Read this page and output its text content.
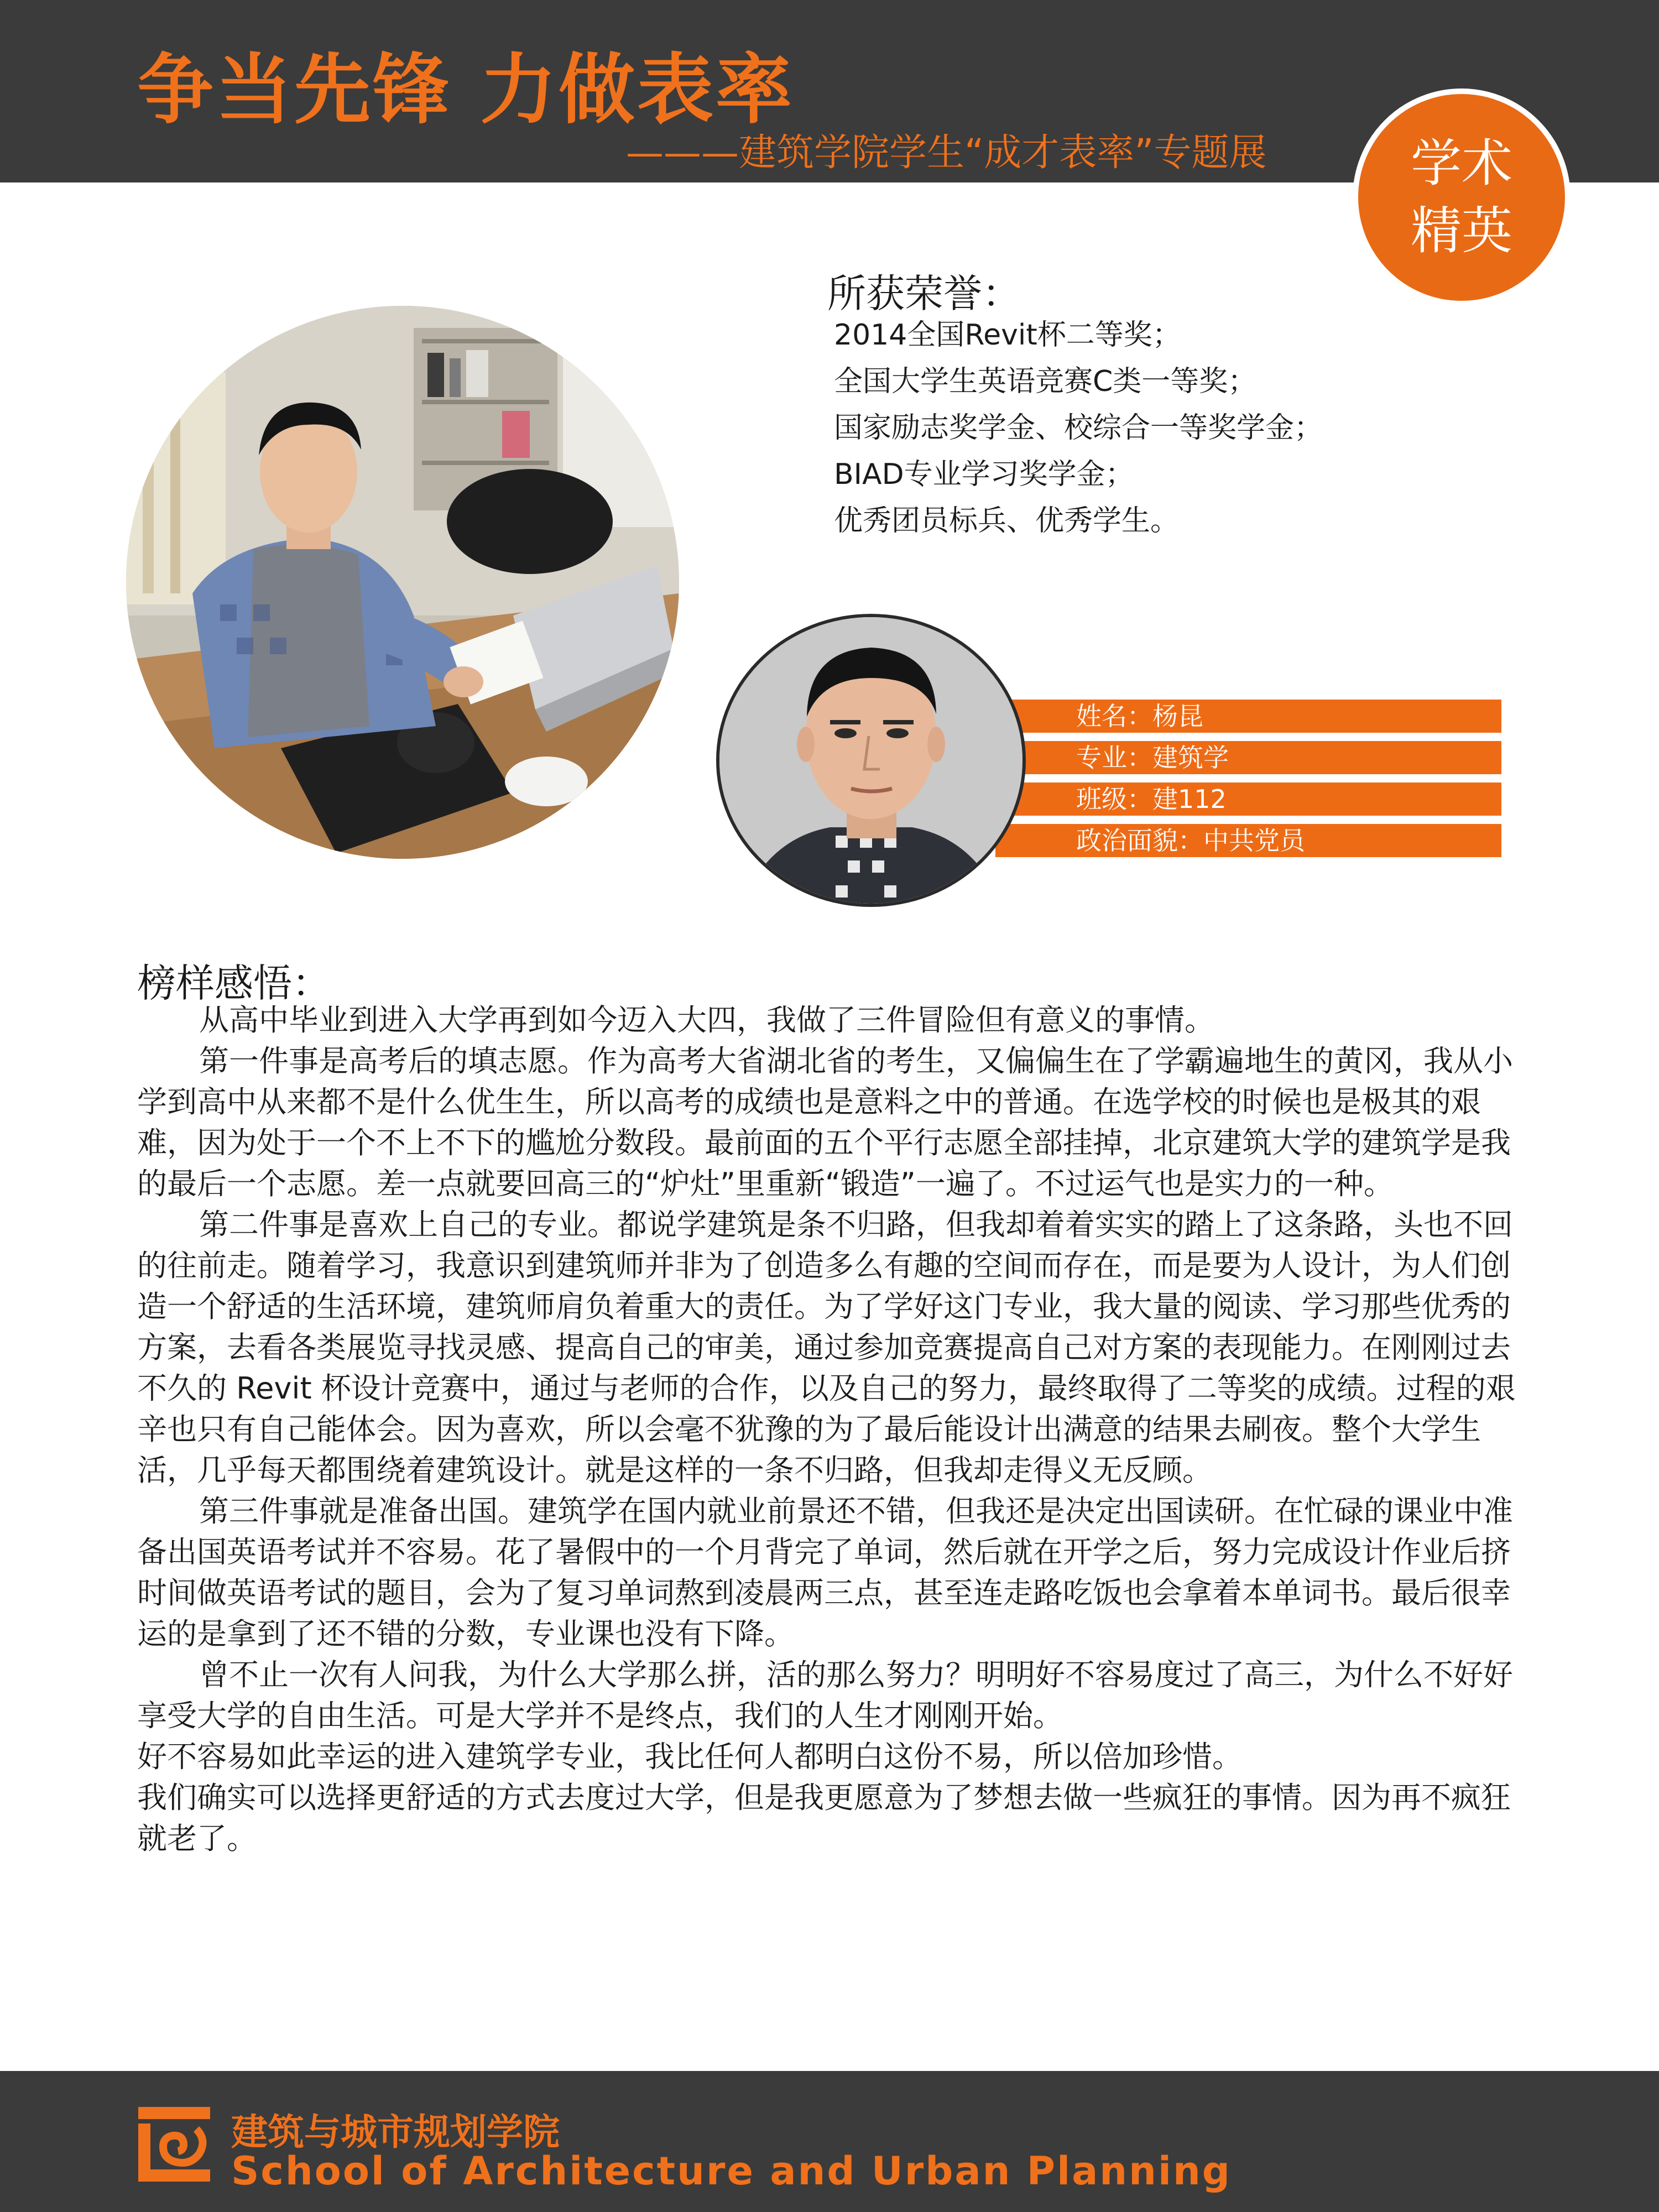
争当先锋 力做表率
———建筑学院学生“成才表率”专题展	学术
精英
所获荣誉：
2014全国Revit杯二等奖；
全国大学生英语竞赛C类一等奖；
国家励志奖学金、校综合一等奖学金；
BIAD专业学习奖学金；
优秀团员标兵、优秀学生。
姓名：杨昆
专业：建筑学
班级：建112
政治面貌：中共党员
榜样感悟：

从高中毕业到进入大学再到如今迈入大四，我做了三件冒险但有意义的事情。

第一件事是高考后的填志愿。作为高考大省湖北省的考生，又偏偏生在了学霸遍地生的黄冈，我从小学到高中从来都不是什么优生生，所以高考的成绩也是意料之中的普通。在选学校的时候也是极其的艰难，因为处于一个不上不下的尴尬分数段。最前面的五个平行志愿全部挂掉，北京建筑大学的建筑学是我的最后一个志愿。差一点就要回高三的“炉灶”里重新“锻造”一遍了。不过运气也是实力的一种。

第二件事是喜欢上自己的专业。都说学建筑是条不归路，但我却着着实实的踏上了这条路，头也不回的往前走。随着学习，我意识到建筑师并非为了创造多么有趣的空间而存在，而是要为人设计，为人们创造一个舒适的生活环境，建筑师肩负着重大的责任。为了学好这门专业，我大量的阅读、学习那些优秀的方案，去看各类展览寻找灵感、提高自己的审美，通过参加竞赛提高自己对方案的表现能力。在刚刚过去不久的 Revit 杯设计竞赛中，通过与老师的合作，以及自己的努力，最终取得了二等奖的成绩。过程的艰辛也只有自己能体会。因为喜欢，所以会毫不犹豫的为了最后能设计出满意的结果去刷夜。整个大学生活，几乎每天都围绕着建筑设计。就是这样的一条不归路，但我却走得义无反顾。

第三件事就是准备出国。建筑学在国内就业前景还不错，但我还是决定出国读研。在忙碌的课业中准备出国英语考试并不容易。花了暑假中的一个月背完了单词，然后就在开学之后，努力完成设计作业后挤时间做英语考试的题目，会为了复习单词熬到凌晨两三点，甚至连走路吃饭也会拿着本单词书。最后很幸运的是拿到了还不错的分数，专业课也没有下降。

曾不止一次有人问我，为什么大学那么拼，活的那么努力？明明好不容易度过了高三，为什么不好好享受大学的自由生活。可是大学并不是终点，我们的人生才刚刚开始。

好不容易如此幸运的进入建筑学专业，我比任何人都明白这份不易，所以倍加珍惜。

我们确实可以选择更舒适的方式去度过大学，但是我更愿意为了梦想去做一些疯狂的事情。因为再不疯狂就老了。

建筑与城市规划学院
School of Architecture and Urban Planning
